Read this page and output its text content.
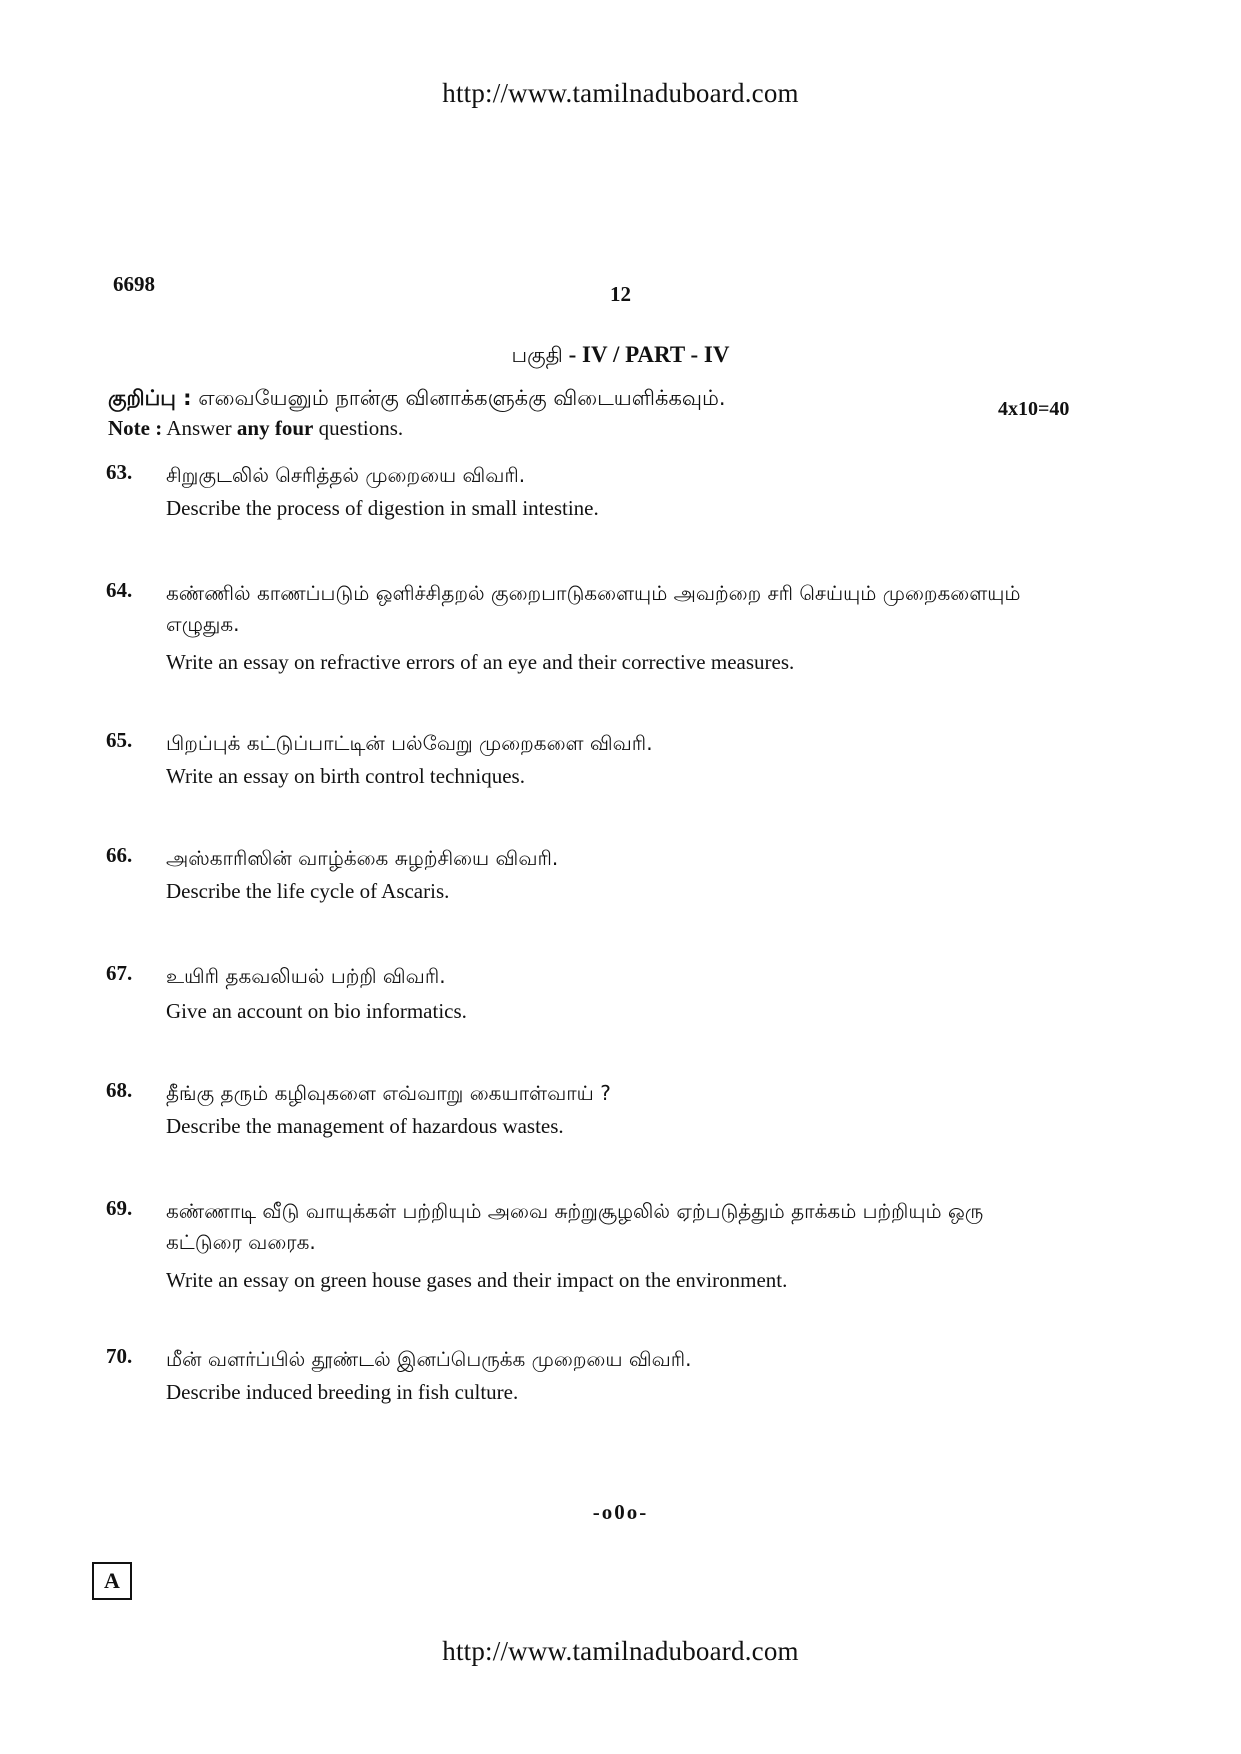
http://www.tamilnaduboard.com
6698	12
பகுதி - IV / PART - IV
குறிப்பு : எவையேனும் நான்கு வினாக்களுக்கு விடையளிக்கவும்.	4x10=40
Note : Answer any four questions.
63. சிறுகுடலில் செரித்தல் முறையை விவரி.
Describe the process of digestion in small intestine.
64. கண்ணில் காணப்படும் ஒளிச்சிதறல் குறைபாடுகளையும் அவற்றை சரி செய்யும் முறைகளையும் எழுதுக.
Write an essay on refractive errors of an eye and their corrective measures.
65. பிறப்புக் கட்டுப்பாட்டின் பல்வேறு முறைகளை விவரி.
Write an essay on birth control techniques.
66. அஸ்காரிஸின் வாழ்க்கை சுழற்சியை விவரி.
Describe the life cycle of Ascaris.
67. உயிரி தகவலியல் பற்றி விவரி.
Give an account on bio informatics.
68. தீங்கு தரும் கழிவுகளை எவ்வாறு கையாள்வாய் ?
Describe the management of hazardous wastes.
69. கண்ணாடி வீடு வாயுக்கள் பற்றியும் அவை சுற்றுசூழலில் ஏற்படுத்தும் தாக்கம் பற்றியும் ஒரு கட்டுரை வரைக.
Write an essay on green house gases and their impact on the environment.
70. மீன் வளர்ப்பில் தூண்டல் இனப்பெருக்க முறையை விவரி.
Describe induced breeding in fish culture.
-o0o-
A
http://www.tamilnaduboard.com
